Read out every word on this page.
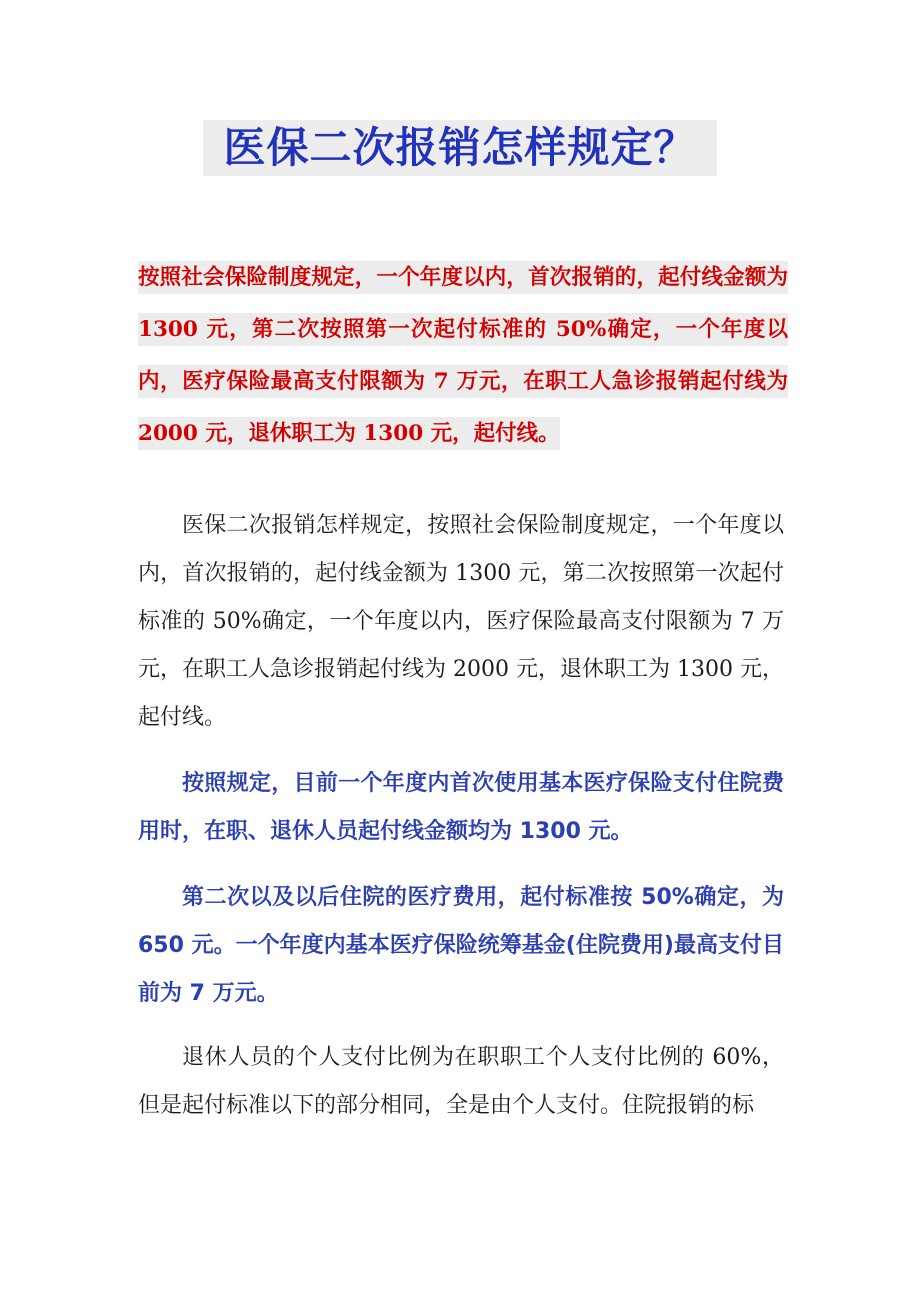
医保二次报销怎样规定？
按照社会保险制度规定，一个年度以内，首次报销的，起付线金额为 1300 元，第二次按照第一次起付标准的 50%确定，一个年度以内，医疗保险最高支付限额为 7 万元，在职工人急诊报销起付线为 2000 元，退休职工为 1300 元，起付线。

医保二次报销怎样规定，按照社会保险制度规定，一个年度以内，首次报销的，起付线金额为 1300 元，第二次按照第一次起付标准的 50%确定，一个年度以内，医疗保险最高支付限额为 7 万元，在职工人急诊报销起付线为 2000 元，退休职工为 1300 元，起付线。

按照规定，目前一个年度内首次使用基本医疗保险支付住院费用时，在职、退休人员起付线金额均为 1300 元。

第二次以及以后住院的医疗费用，起付标准按 50%确定，为 650 元。一个年度内基本医疗保险统筹基金(住院费用)最高支付目前为 7 万元。

退休人员的个人支付比例为在职职工个人支付比例的 60%，但是起付标准以下的部分相同，全是由个人支付。住院报销的标
